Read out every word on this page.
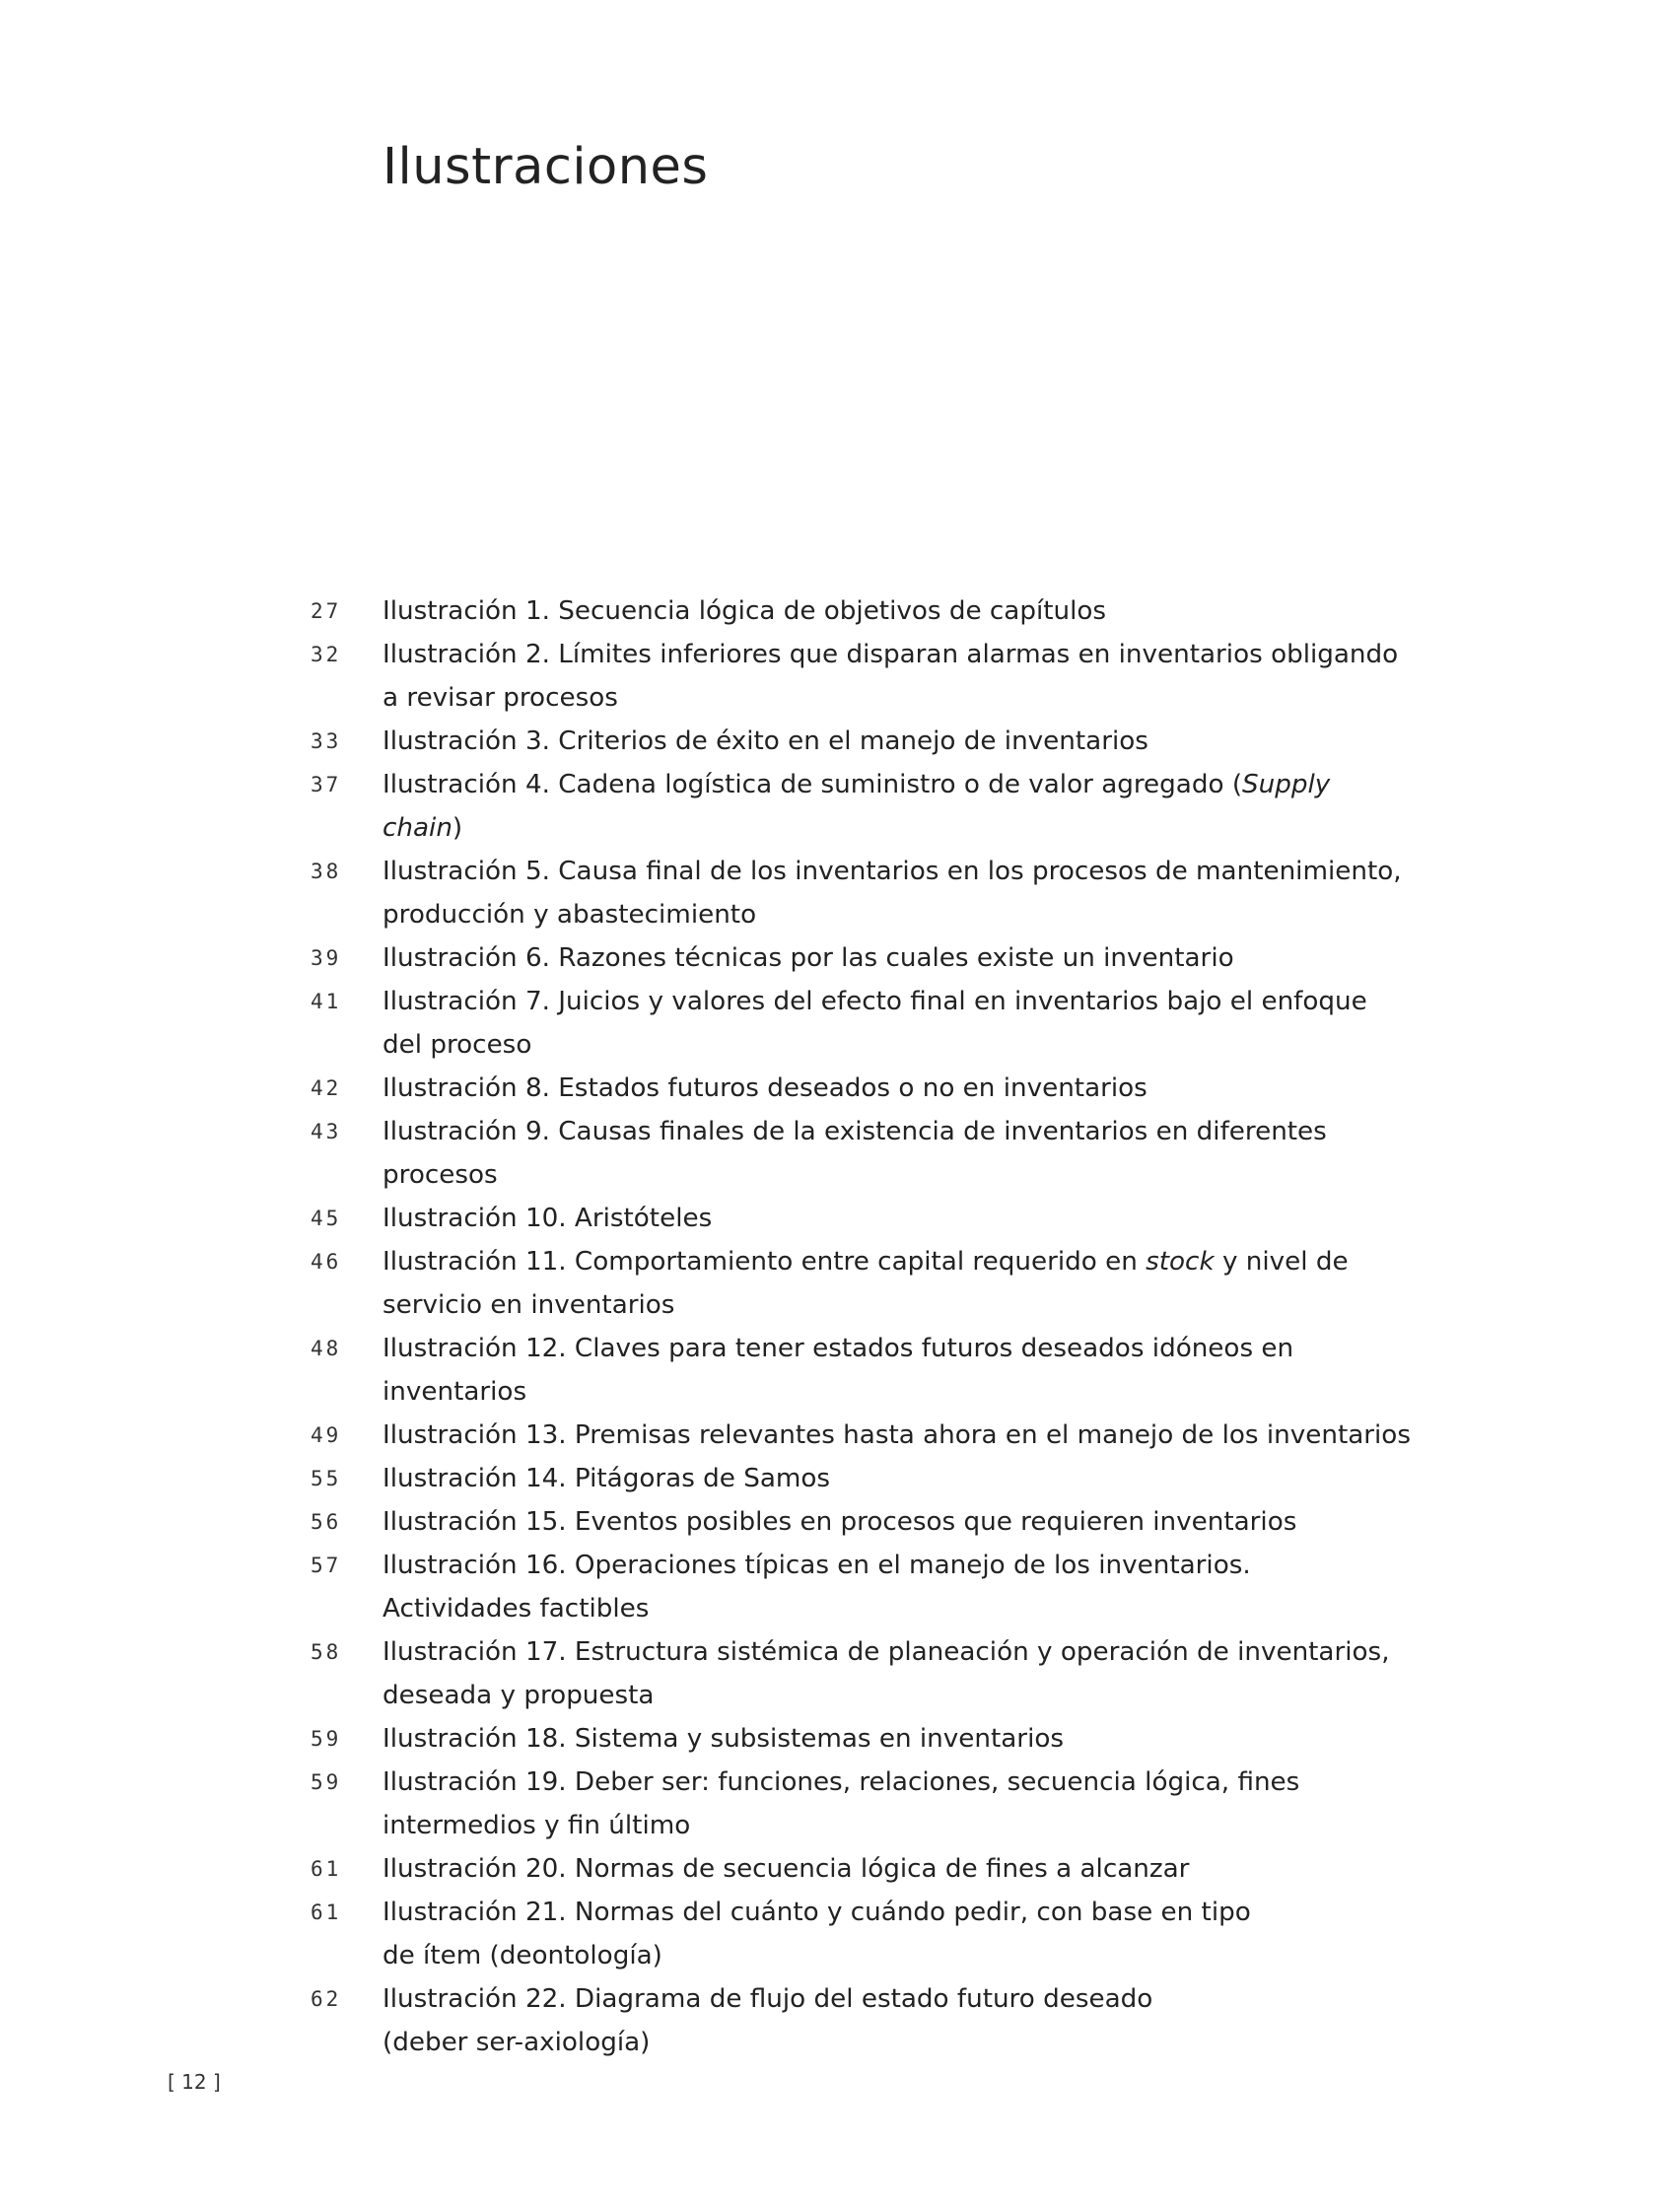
Ilustraciones
27 Ilustración 1. Secuencia lógica de objetivos de capítulos
32 Ilustración 2. Límites inferiores que disparan alarmas en inventarios obligando
a revisar procesos
33 Ilustración 3. Criterios de éxito en el manejo de inventarios
37 Ilustración 4. Cadena logística de suministro o de valor agregado (Supply chain)
38 Ilustración 5. Causa final de los inventarios en los procesos de mantenimiento,
producción y abastecimiento
39 Ilustración 6. Razones técnicas por las cuales existe un inventario
41 Ilustración 7. Juicios y valores del efecto final en inventarios bajo el enfoque
del proceso
42 Ilustración 8. Estados futuros deseados o no en inventarios
43 Ilustración 9. Causas finales de la existencia de inventarios en diferentes
procesos
45 Ilustración 10. Aristóteles
46 Ilustración 11. Comportamiento entre capital requerido en stock y nivel de
servicio en inventarios
48 Ilustración 12. Claves para tener estados futuros deseados idóneos en
inventarios
49 Ilustración 13. Premisas relevantes hasta ahora en el manejo de los inventarios
55 Ilustración 14. Pitágoras de Samos
56 Ilustración 15. Eventos posibles en procesos que requieren inventarios
57 Ilustración 16. Operaciones típicas en el manejo de los inventarios.
Actividades factibles
58 Ilustración 17. Estructura sistémica de planeación y operación de inventarios,
deseada y propuesta
59 Ilustración 18. Sistema y subsistemas en inventarios
59 Ilustración 19. Deber ser: funciones, relaciones, secuencia lógica, fines
intermedios y fin último
61 Ilustración 20. Normas de secuencia lógica de fines a alcanzar
61 Ilustración 21. Normas del cuánto y cuándo pedir, con base en tipo
de ítem (deontología)
62 Ilustración 22. Diagrama de flujo del estado futuro deseado
(deber ser-axiología)
[ 12 ]
